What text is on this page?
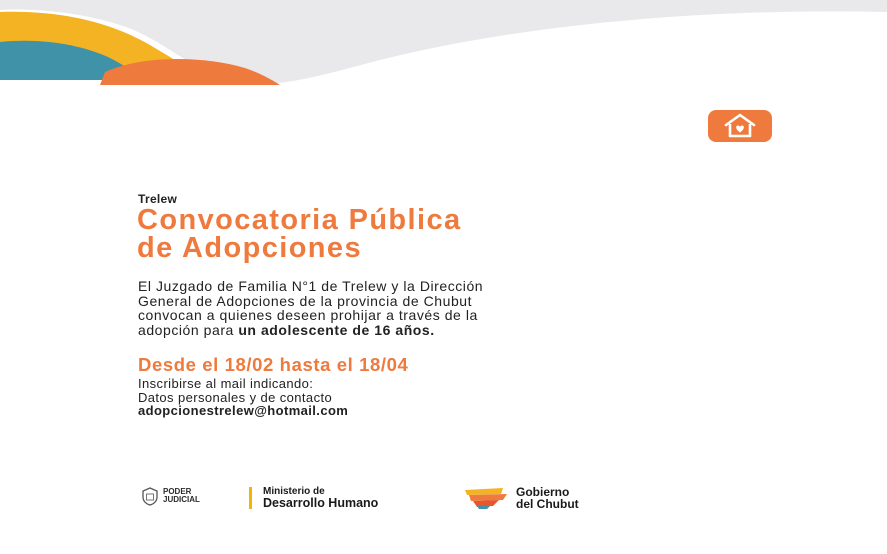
Trelew
Convocatoria Pública
de Adopciones
El Juzgado de Familia N°1 de Trelew y la Dirección
General de Adopciones de la provincia de Chubut
convocan a quienes deseen prohijar a través de la
adopción para un adolescente de 16 años.
Desde el 18/02 hasta el 18/04
Inscribirse al mail indicando:
Datos personales y de contacto
adopcionestrelew@hotmail.com
PODER
JUDICIAL
Ministerio de
Desarrollo Humano
Gobierno
del Chubut
